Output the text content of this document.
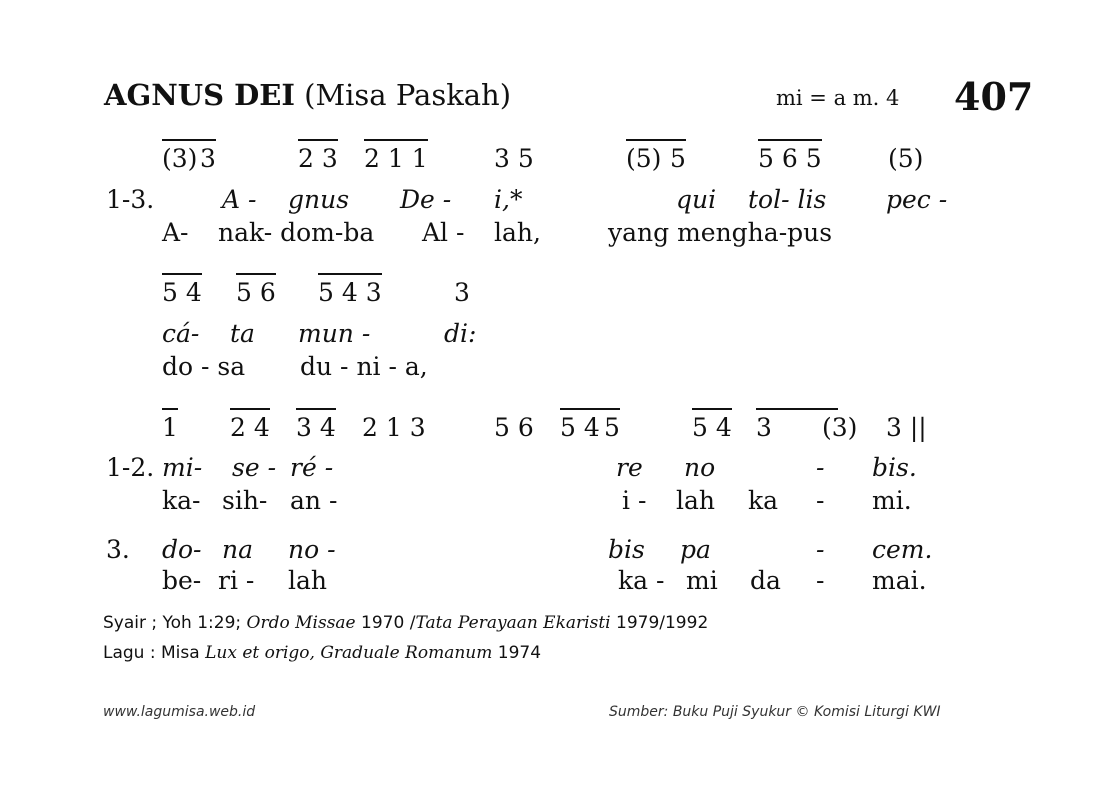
AGNUS DEI (Misa Paskah)	mi = a m. 4 407
(3) 3	2 3 2 1 1	3 5	(5) 5	5 6 5	(5)
1-3.	A - gnus De - i,*	qui tol- lis pec -
A- nak- dom-ba Al - lah,	yang mengha-pus
5 4 5 6 5 4 3	3
cá- ta mun -	di:
do - sa du - ni - a,
1 2 4 3 4 2 1 3	5 6 5 4 5	5 4 3	(3) 3 ||
1-2. mi- se - ré -	re no	- bis.
ka- sih- an -	i - lah ka - mi.
3. do- na no -	bis pa	- cem.
be- ri - lah	ka - mi da - mai.
Syair ; Yoh 1:29; Ordo Missae 1970 /Tata Perayaan Ekaristi 1979/1992
Lagu : Misa Lux et origo, Graduale Romanum 1974
www.lagumisa.web.id	Sumber: Buku Puji Syukur © Komisi Liturgi KWI
